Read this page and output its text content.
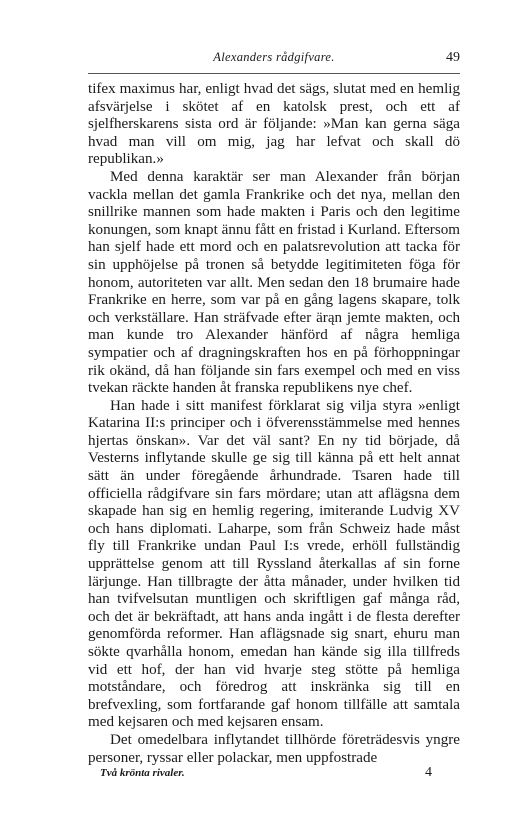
Alexanders rådgifvare.	49

tifex maximus har, enligt hvad det sägs, slutat med en hemlig afsvärjelse i skötet af en katolsk prest, och ett af sjelfherskarens sista ord är följande: »Man kan gerna säga hvad man vill om mig, jag har lefvat och skall dö republikan.»

Med denna karaktär ser man Alexander från början vackla mellan det gamla Frankrike och det nya, mellan den snillrike mannen som hade makten i Paris och den legitime konungen, som knapt ännu fått en fristad i Kurland. Eftersom han sjelf hade ett mord och en palatsrevolution att tacka för sin upphöjelse på tronen så betydde legitimiteten föga för honom, autoriteten var allt. Men sedan den 18 brumaire hade Frankrike en herre, som var på en gång lagens skapare, tolk och verkställare. Han sträfvade efter ärąn jemte makten, och man kunde tro Alexander hänförd af några hemliga sympatier och af dragningskraften hos en på förhoppningar rik okänd, då han följande sin fars exempel och med en viss tvekan räckte handen åt franska republikens nye chef.

Han hade i sitt manifest förklarat sig vilja styra »enligt Katarina II:s principer och i öfverensstämmelse med hennes hjertas önskan». Var det väl sant? En ny tid började, då Vesterns inflytande skulle ge sig till känna på ett helt annat sätt än under föregående århundrade. Tsaren hade till officiella rådgifvare sin fars mördare; utan att aflägsna dem skapade han sig en hemlig regering, imiterande Ludvig XV och hans diplomati. Laharpe, som från Schweiz hade måst fly till Frankrike undan Paul I:s vrede, erhöll fullständig upprättelse genom att till Ryssland återkallas af sin forne lärjunge. Han tillbragte der åtta månader, under hvilken tid han tvifvelsutan muntligen och skriftligen gaf många råd, och det är bekräftadt, att hans anda ingått i de flesta derefter genomförda reformer. Han aflägsnade sig snart, ehuru man sökte qvarhålla honom, emedan han kände sig illa tillfreds vid ett hof, der han vid hvarje steg stötte på hemliga motståndare, och föredrog att inskränka sig till en brefvexling, som fortfarande gaf honom tillfälle att samtala med kejsaren och med kejsaren ensam.

Det omedelbara inflytandet tillhörde företrädesvis yngre personer, ryssar eller polackar, men uppfostrade

Två krönta rivaler.	4
